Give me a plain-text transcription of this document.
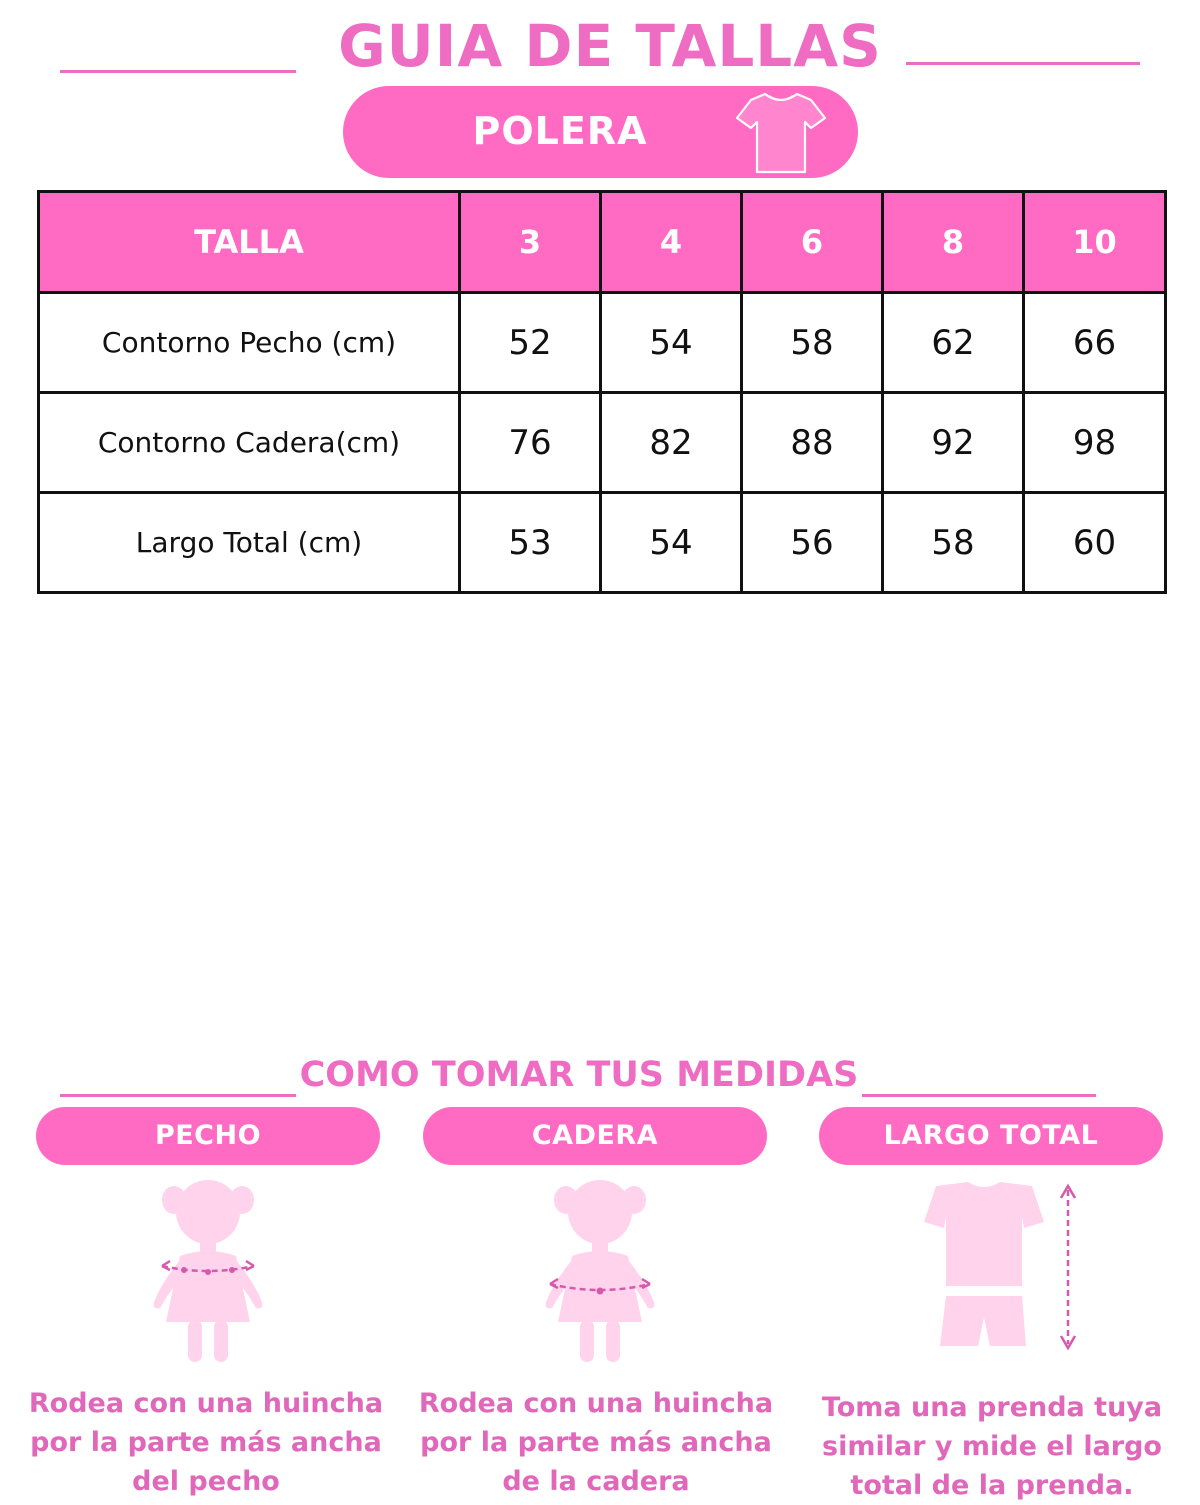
GUIA DE TALLAS
POLERA
TALLA	3	4	6	8	10
Contorno Pecho (cm)	52	54	58	62	66
Contorno Cadera(cm)	76	82	88	92	98
Largo Total (cm)	53	54	56	58	60
COMO TOMAR TUS MEDIDAS
PECHO	CADERA	LARGO TOTAL
Rodea con una huincha
por la parte más ancha
del pecho
Rodea con una huincha
por la parte más ancha
de la cadera
Toma una prenda tuya
similar y mide el largo
total de la prenda.
